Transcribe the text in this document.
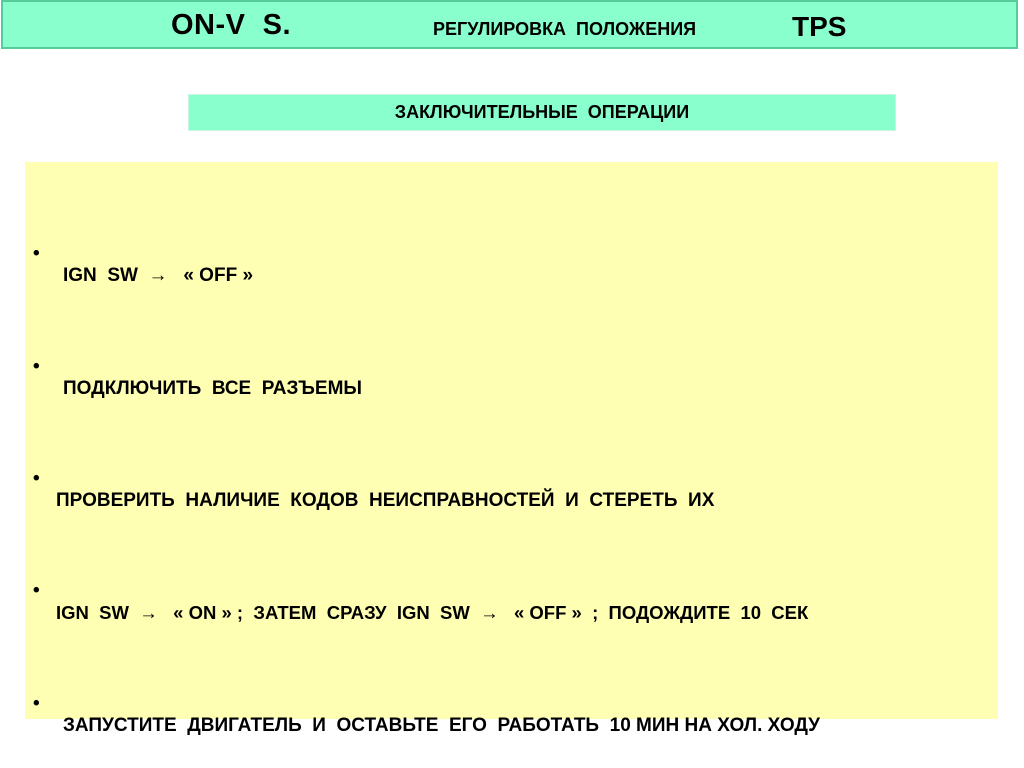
ON-V  S.	РЕГУЛИРОВКА  ПОЛОЖЕНИЯ	TPS
ЗАКЛЮЧИТЕЛЬНЫЕ  ОПЕРАЦИИ

•

IGN  SW  →   « OFF »

•

ПОДКЛЮЧИТЬ  ВСЕ  РАЗЪЕМЫ

•

ПРОВЕРИТЬ  НАЛИЧИЕ  КОДОВ  НЕИСПРАВНОСТЕЙ  И  СТЕРЕТЬ  ИХ

•

IGN  SW  →   « ON » ;  ЗАТЕМ  СРАЗУ  IGN  SW  →   « OFF »  ;  ПОДОЖДИТЕ  10  СЕК

•

ЗАПУСТИТЕ  ДВИГАТЕЛЬ  И  ОСТАВЬТЕ  ЕГО  РАБОТАТЬ  10 МИН НА ХОЛ. ХОДУ
